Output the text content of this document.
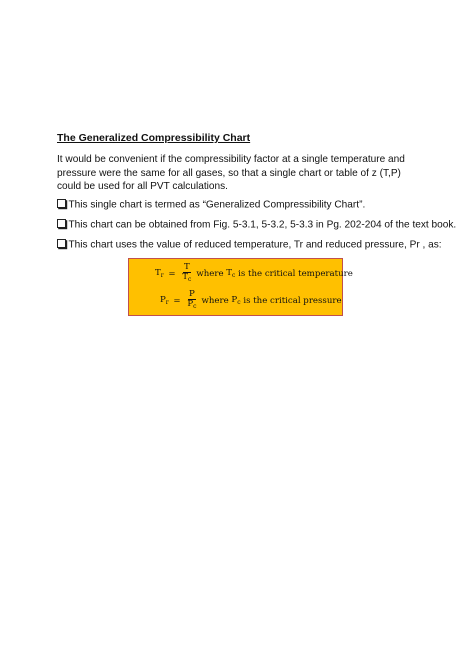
The Generalized Compressibility Chart
It would be convenient if the compressibility factor at a single temperature and pressure were the same for all gases, so that a single chart or table of z (T,P) could be used for all PVT calculations.
This single chart is termed as “Generalized Compressibility Chart”.
This chart can be obtained from Fig. 5-3.1, 5-3.2, 5-3.3 in Pg. 202-204 of the text book.
This chart uses the value of reduced temperature, Tr and reduced pressure, Pr , as:
$T_r = \frac{T}{T_c}$ where
$T_c$
is the critical temperature
$P_r = \frac{P}{P_c}$ where
$P_c$
is the critical pressure
